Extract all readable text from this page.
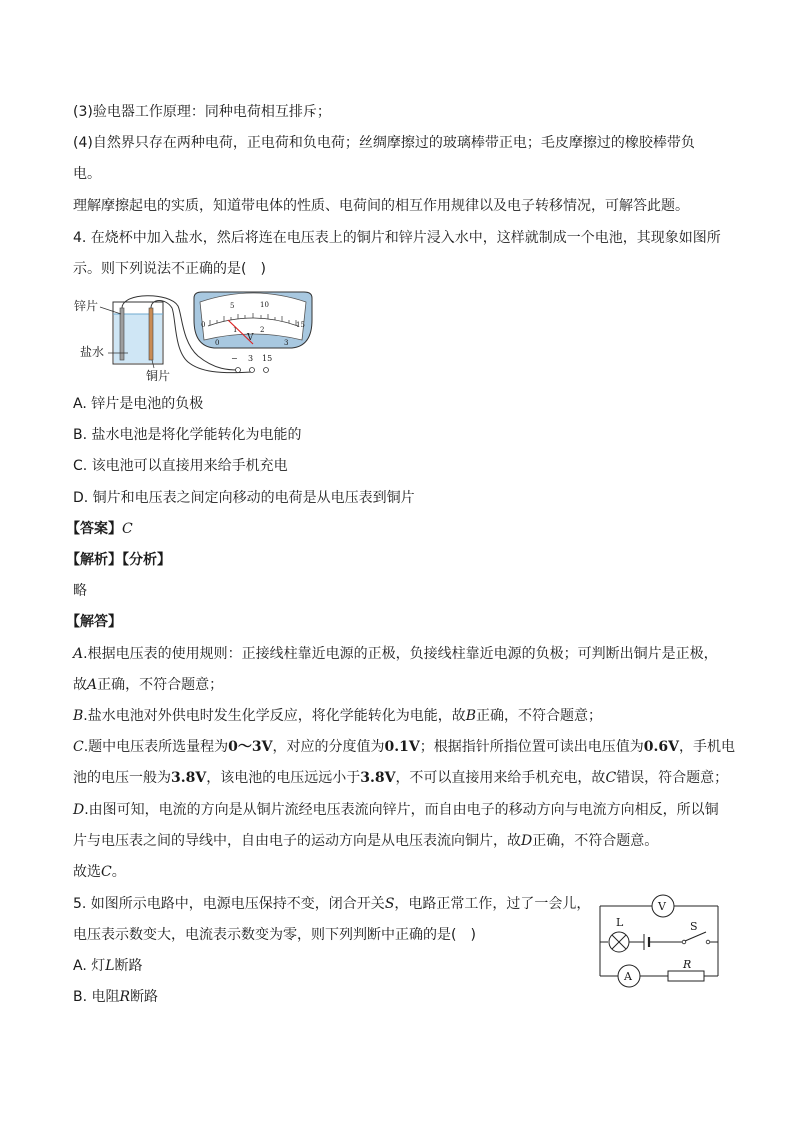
(3)验电器工作原理：同种电荷相互排斥；
(4)自然界只存在两种电荷，正电荷和负电荷；丝绸摩擦过的玻璃棒带正电；毛皮摩擦过的橡胶棒带负
电。
理解摩擦起电的实质，知道带电体的性质、电荷间的相互作用规律以及电子转移情况，可解答此题。
4. 在烧杯中加入盐水，然后将连在电压表上的铜片和锌片浸入水中，这样就制成一个电池，其现象如图所
示。则下列说法不正确的是(　)
锌片
盐水
铜片
5	10
0	15
0
1	2
3
V
− 3 15
A. 锌片是电池的负极
B. 盐水电池是将化学能转化为电能的
C. 该电池可以直接用来给手机充电
D. 铜片和电压表之间定向移动的电荷是从电压表到铜片
【答案】C
【解析】【分析】
略
【解答】
A.根据电压表的使用规则：正接线柱靠近电源的正极，负接线柱靠近电源的负极；可判断出铜片是正极，
故A正确，不符合题意；
B.盐水电池对外供电时发生化学反应，将化学能转化为电能，故B正确，不符合题意；
C.题中电压表所选量程为0～3V，对应的分度值为0.1V；根据指针所指位置可读出电压值为0.6V，手机电
池的电压一般为3.8V，该电池的电压远远小于3.8V，不可以直接用来给手机充电，故C错误，符合题意；
D.由图可知，电流的方向是从铜片流经电压表流向锌片，而自由电子的移动方向与电流方向相反，所以铜
片与电压表之间的导线中，自由电子的运动方向是从电压表流向铜片，故D正确，不符合题意。
故选C。
5. 如图所示电路中，电源电压保持不变，闭合开关S，电路正常工作，过了一会儿，
电压表示数变大，电流表示数变为零，则下列判断中正确的是(　)
A. 灯L断路
B. 电阻R断路
V
L	S
A
R
